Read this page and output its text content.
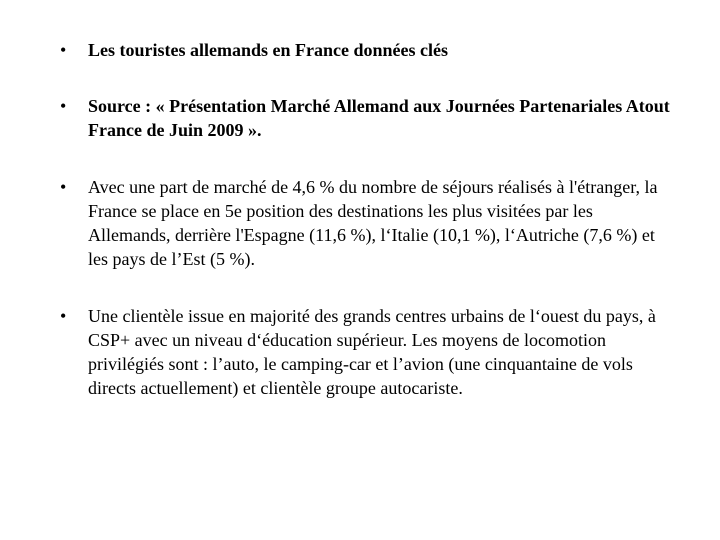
• Les touristes allemands en France données clés
• Source : « Présentation Marché Allemand aux Journées Partenariales Atout France de Juin 2009 ».
• Avec une part de marché de 4,6 % du nombre de séjours réalisés à l'étranger, la France se place en 5e position des destinations les plus visitées par les Allemands, derrière l'Espagne (11,6 %), l‘Italie (10,1 %), l‘Autriche (7,6 %) et les pays de l’Est (5 %).
• Une clientèle issue en majorité des grands centres urbains de l‘ouest du pays, à CSP+ avec un niveau d‘éducation supérieur. Les moyens de locomotion privilégiés sont : l’auto, le camping-car et l’avion (une cinquantaine de vols directs actuellement) et clientèle groupe autocariste.
